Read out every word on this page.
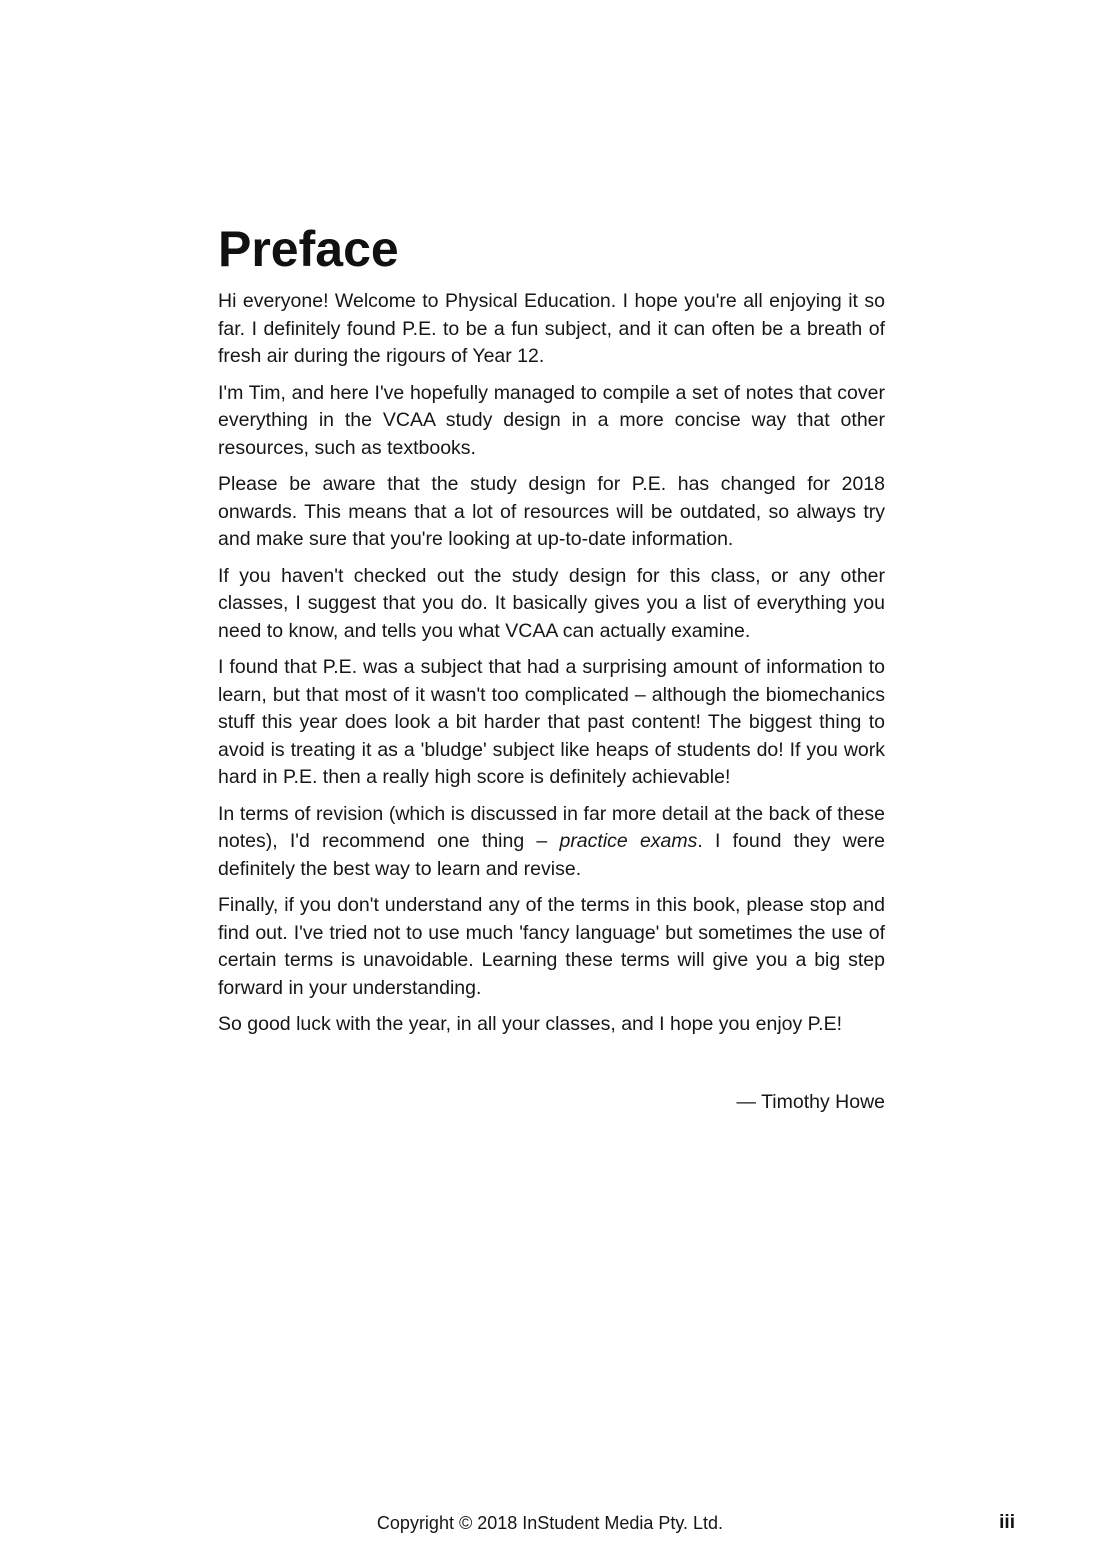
Preface

Hi everyone! Welcome to Physical Education. I hope you're all enjoying it so far. I definitely found P.E. to be a fun subject, and it can often be a breath of fresh air during the rigours of Year 12.

I'm Tim, and here I've hopefully managed to compile a set of notes that cover everything in the VCAA study design in a more concise way that other resources, such as textbooks.

Please be aware that the study design for P.E. has changed for 2018 onwards. This means that a lot of resources will be outdated, so always try and make sure that you're looking at up-to-date information.

If you haven't checked out the study design for this class, or any other classes, I suggest that you do. It basically gives you a list of everything you need to know, and tells you what VCAA can actually examine.

I found that P.E. was a subject that had a surprising amount of information to learn, but that most of it wasn't too complicated – although the biomechanics stuff this year does look a bit harder that past content! The biggest thing to avoid is treating it as a 'bludge' subject like heaps of students do! If you work hard in P.E. then a really high score is definitely achievable!

In terms of revision (which is discussed in far more detail at the back of these notes), I'd recommend one thing – practice exams. I found they were definitely the best way to learn and revise.

Finally, if you don't understand any of the terms in this book, please stop and find out. I've tried not to use much 'fancy language' but sometimes the use of certain terms is unavoidable. Learning these terms will give you a big step forward in your understanding.

So good luck with the year, in all your classes, and I hope you enjoy P.E!

— Timothy Howe
Copyright © 2018 InStudent Media Pty. Ltd.	iii
